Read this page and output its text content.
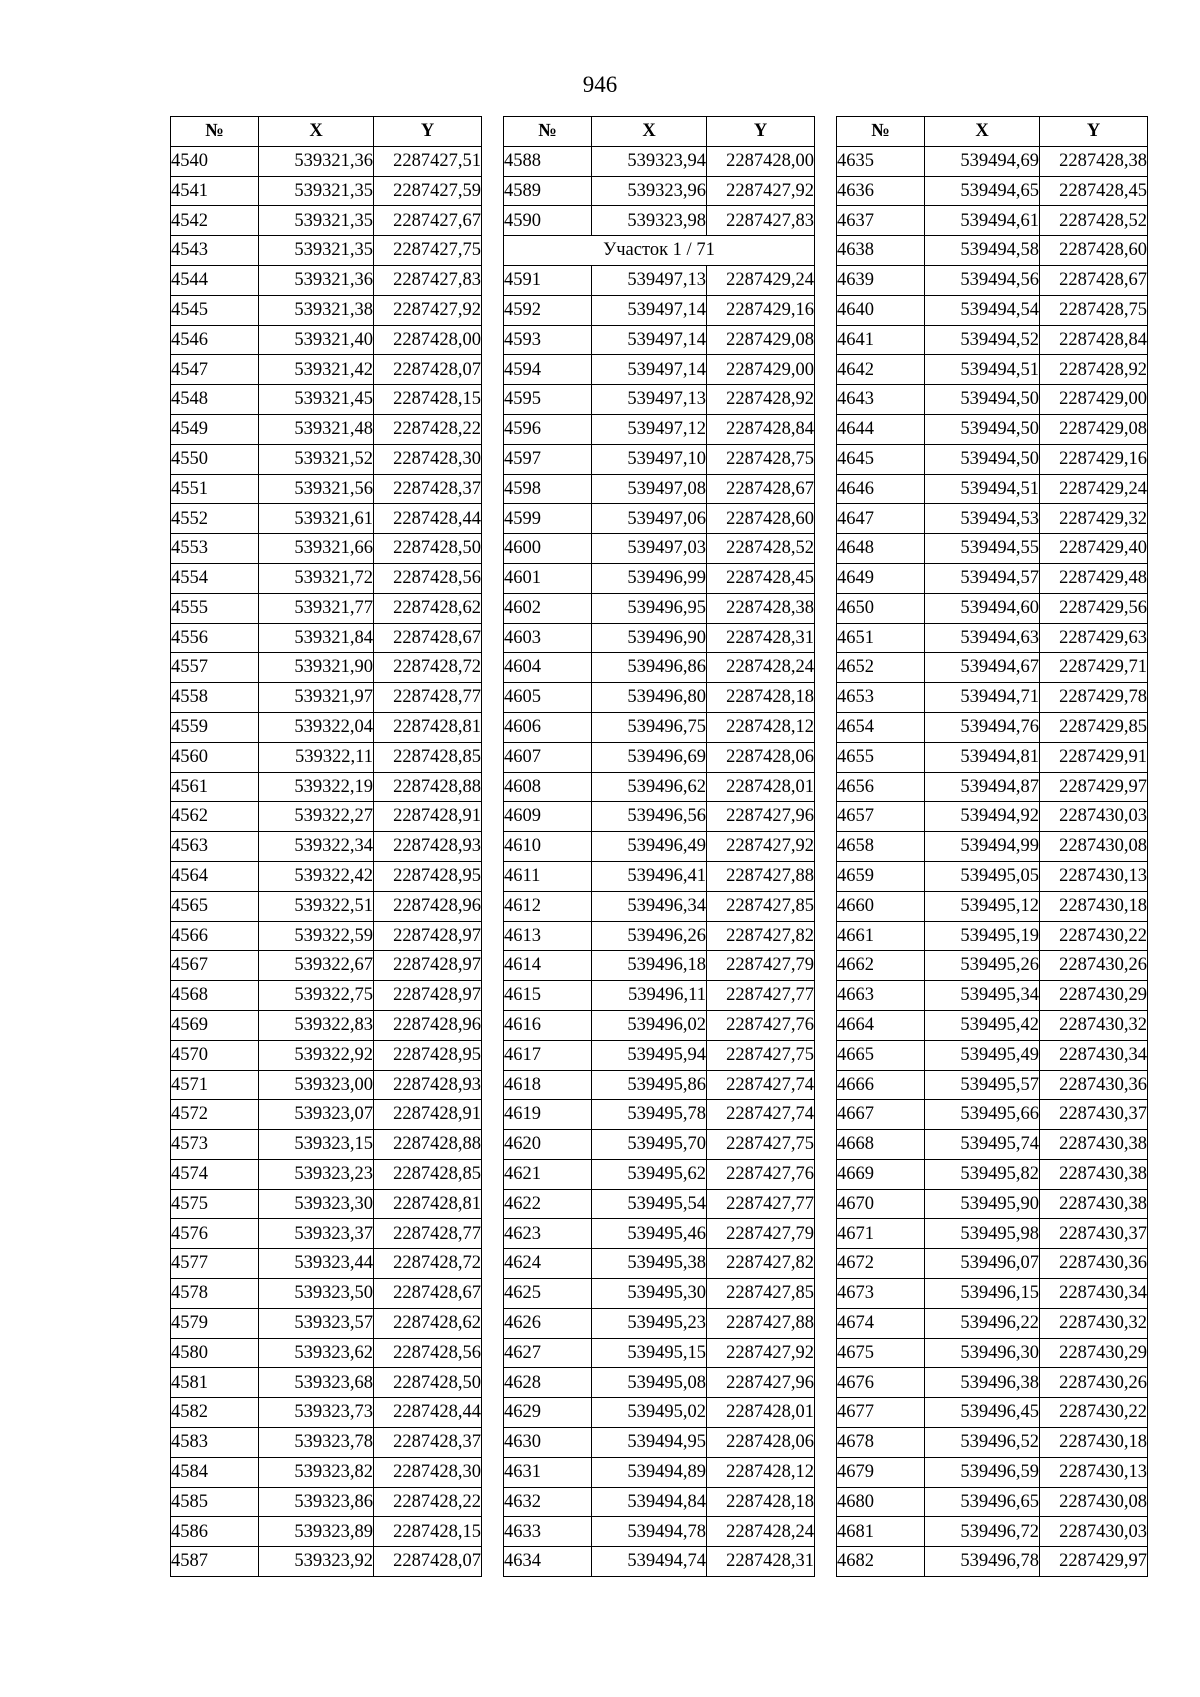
946
№	X	Y
4540	539321,36	2287427,51
4541	539321,35	2287427,59
4542	539321,35	2287427,67
4543	539321,35	2287427,75
4544	539321,36	2287427,83
4545	539321,38	2287427,92
4546	539321,40	2287428,00
4547	539321,42	2287428,07
4548	539321,45	2287428,15
4549	539321,48	2287428,22
4550	539321,52	2287428,30
4551	539321,56	2287428,37
4552	539321,61	2287428,44
4553	539321,66	2287428,50
4554	539321,72	2287428,56
4555	539321,77	2287428,62
4556	539321,84	2287428,67
4557	539321,90	2287428,72
4558	539321,97	2287428,77
4559	539322,04	2287428,81
4560	539322,11	2287428,85
4561	539322,19	2287428,88
4562	539322,27	2287428,91
4563	539322,34	2287428,93
4564	539322,42	2287428,95
4565	539322,51	2287428,96
4566	539322,59	2287428,97
4567	539322,67	2287428,97
4568	539322,75	2287428,97
4569	539322,83	2287428,96
4570	539322,92	2287428,95
4571	539323,00	2287428,93
4572	539323,07	2287428,91
4573	539323,15	2287428,88
4574	539323,23	2287428,85
4575	539323,30	2287428,81
4576	539323,37	2287428,77
4577	539323,44	2287428,72
4578	539323,50	2287428,67
4579	539323,57	2287428,62
4580	539323,62	2287428,56
4581	539323,68	2287428,50
4582	539323,73	2287428,44
4583	539323,78	2287428,37
4584	539323,82	2287428,30
4585	539323,86	2287428,22
4586	539323,89	2287428,15
4587	539323,92	2287428,07
№	X	Y
4588	539323,94	2287428,00
4589	539323,96	2287427,92
4590	539323,98	2287427,83
Участок 1 / 71		
4591	539497,13	2287429,24
4592	539497,14	2287429,16
4593	539497,14	2287429,08
4594	539497,14	2287429,00
4595	539497,13	2287428,92
4596	539497,12	2287428,84
4597	539497,10	2287428,75
4598	539497,08	2287428,67
4599	539497,06	2287428,60
4600	539497,03	2287428,52
4601	539496,99	2287428,45
4602	539496,95	2287428,38
4603	539496,90	2287428,31
4604	539496,86	2287428,24
4605	539496,80	2287428,18
4606	539496,75	2287428,12
4607	539496,69	2287428,06
4608	539496,62	2287428,01
4609	539496,56	2287427,96
4610	539496,49	2287427,92
4611	539496,41	2287427,88
4612	539496,34	2287427,85
4613	539496,26	2287427,82
4614	539496,18	2287427,79
4615	539496,11	2287427,77
4616	539496,02	2287427,76
4617	539495,94	2287427,75
4618	539495,86	2287427,74
4619	539495,78	2287427,74
4620	539495,70	2287427,75
4621	539495,62	2287427,76
4622	539495,54	2287427,77
4623	539495,46	2287427,79
4624	539495,38	2287427,82
4625	539495,30	2287427,85
4626	539495,23	2287427,88
4627	539495,15	2287427,92
4628	539495,08	2287427,96
4629	539495,02	2287428,01
4630	539494,95	2287428,06
4631	539494,89	2287428,12
4632	539494,84	2287428,18
4633	539494,78	2287428,24
4634	539494,74	2287428,31
№	X	Y
4635	539494,69	2287428,38
4636	539494,65	2287428,45
4637	539494,61	2287428,52
4638	539494,58	2287428,60
4639	539494,56	2287428,67
4640	539494,54	2287428,75
4641	539494,52	2287428,84
4642	539494,51	2287428,92
4643	539494,50	2287429,00
4644	539494,50	2287429,08
4645	539494,50	2287429,16
4646	539494,51	2287429,24
4647	539494,53	2287429,32
4648	539494,55	2287429,40
4649	539494,57	2287429,48
4650	539494,60	2287429,56
4651	539494,63	2287429,63
4652	539494,67	2287429,71
4653	539494,71	2287429,78
4654	539494,76	2287429,85
4655	539494,81	2287429,91
4656	539494,87	2287429,97
4657	539494,92	2287430,03
4658	539494,99	2287430,08
4659	539495,05	2287430,13
4660	539495,12	2287430,18
4661	539495,19	2287430,22
4662	539495,26	2287430,26
4663	539495,34	2287430,29
4664	539495,42	2287430,32
4665	539495,49	2287430,34
4666	539495,57	2287430,36
4667	539495,66	2287430,37
4668	539495,74	2287430,38
4669	539495,82	2287430,38
4670	539495,90	2287430,38
4671	539495,98	2287430,37
4672	539496,07	2287430,36
4673	539496,15	2287430,34
4674	539496,22	2287430,32
4675	539496,30	2287430,29
4676	539496,38	2287430,26
4677	539496,45	2287430,22
4678	539496,52	2287430,18
4679	539496,59	2287430,13
4680	539496,65	2287430,08
4681	539496,72	2287430,03
4682	539496,78	2287429,97
